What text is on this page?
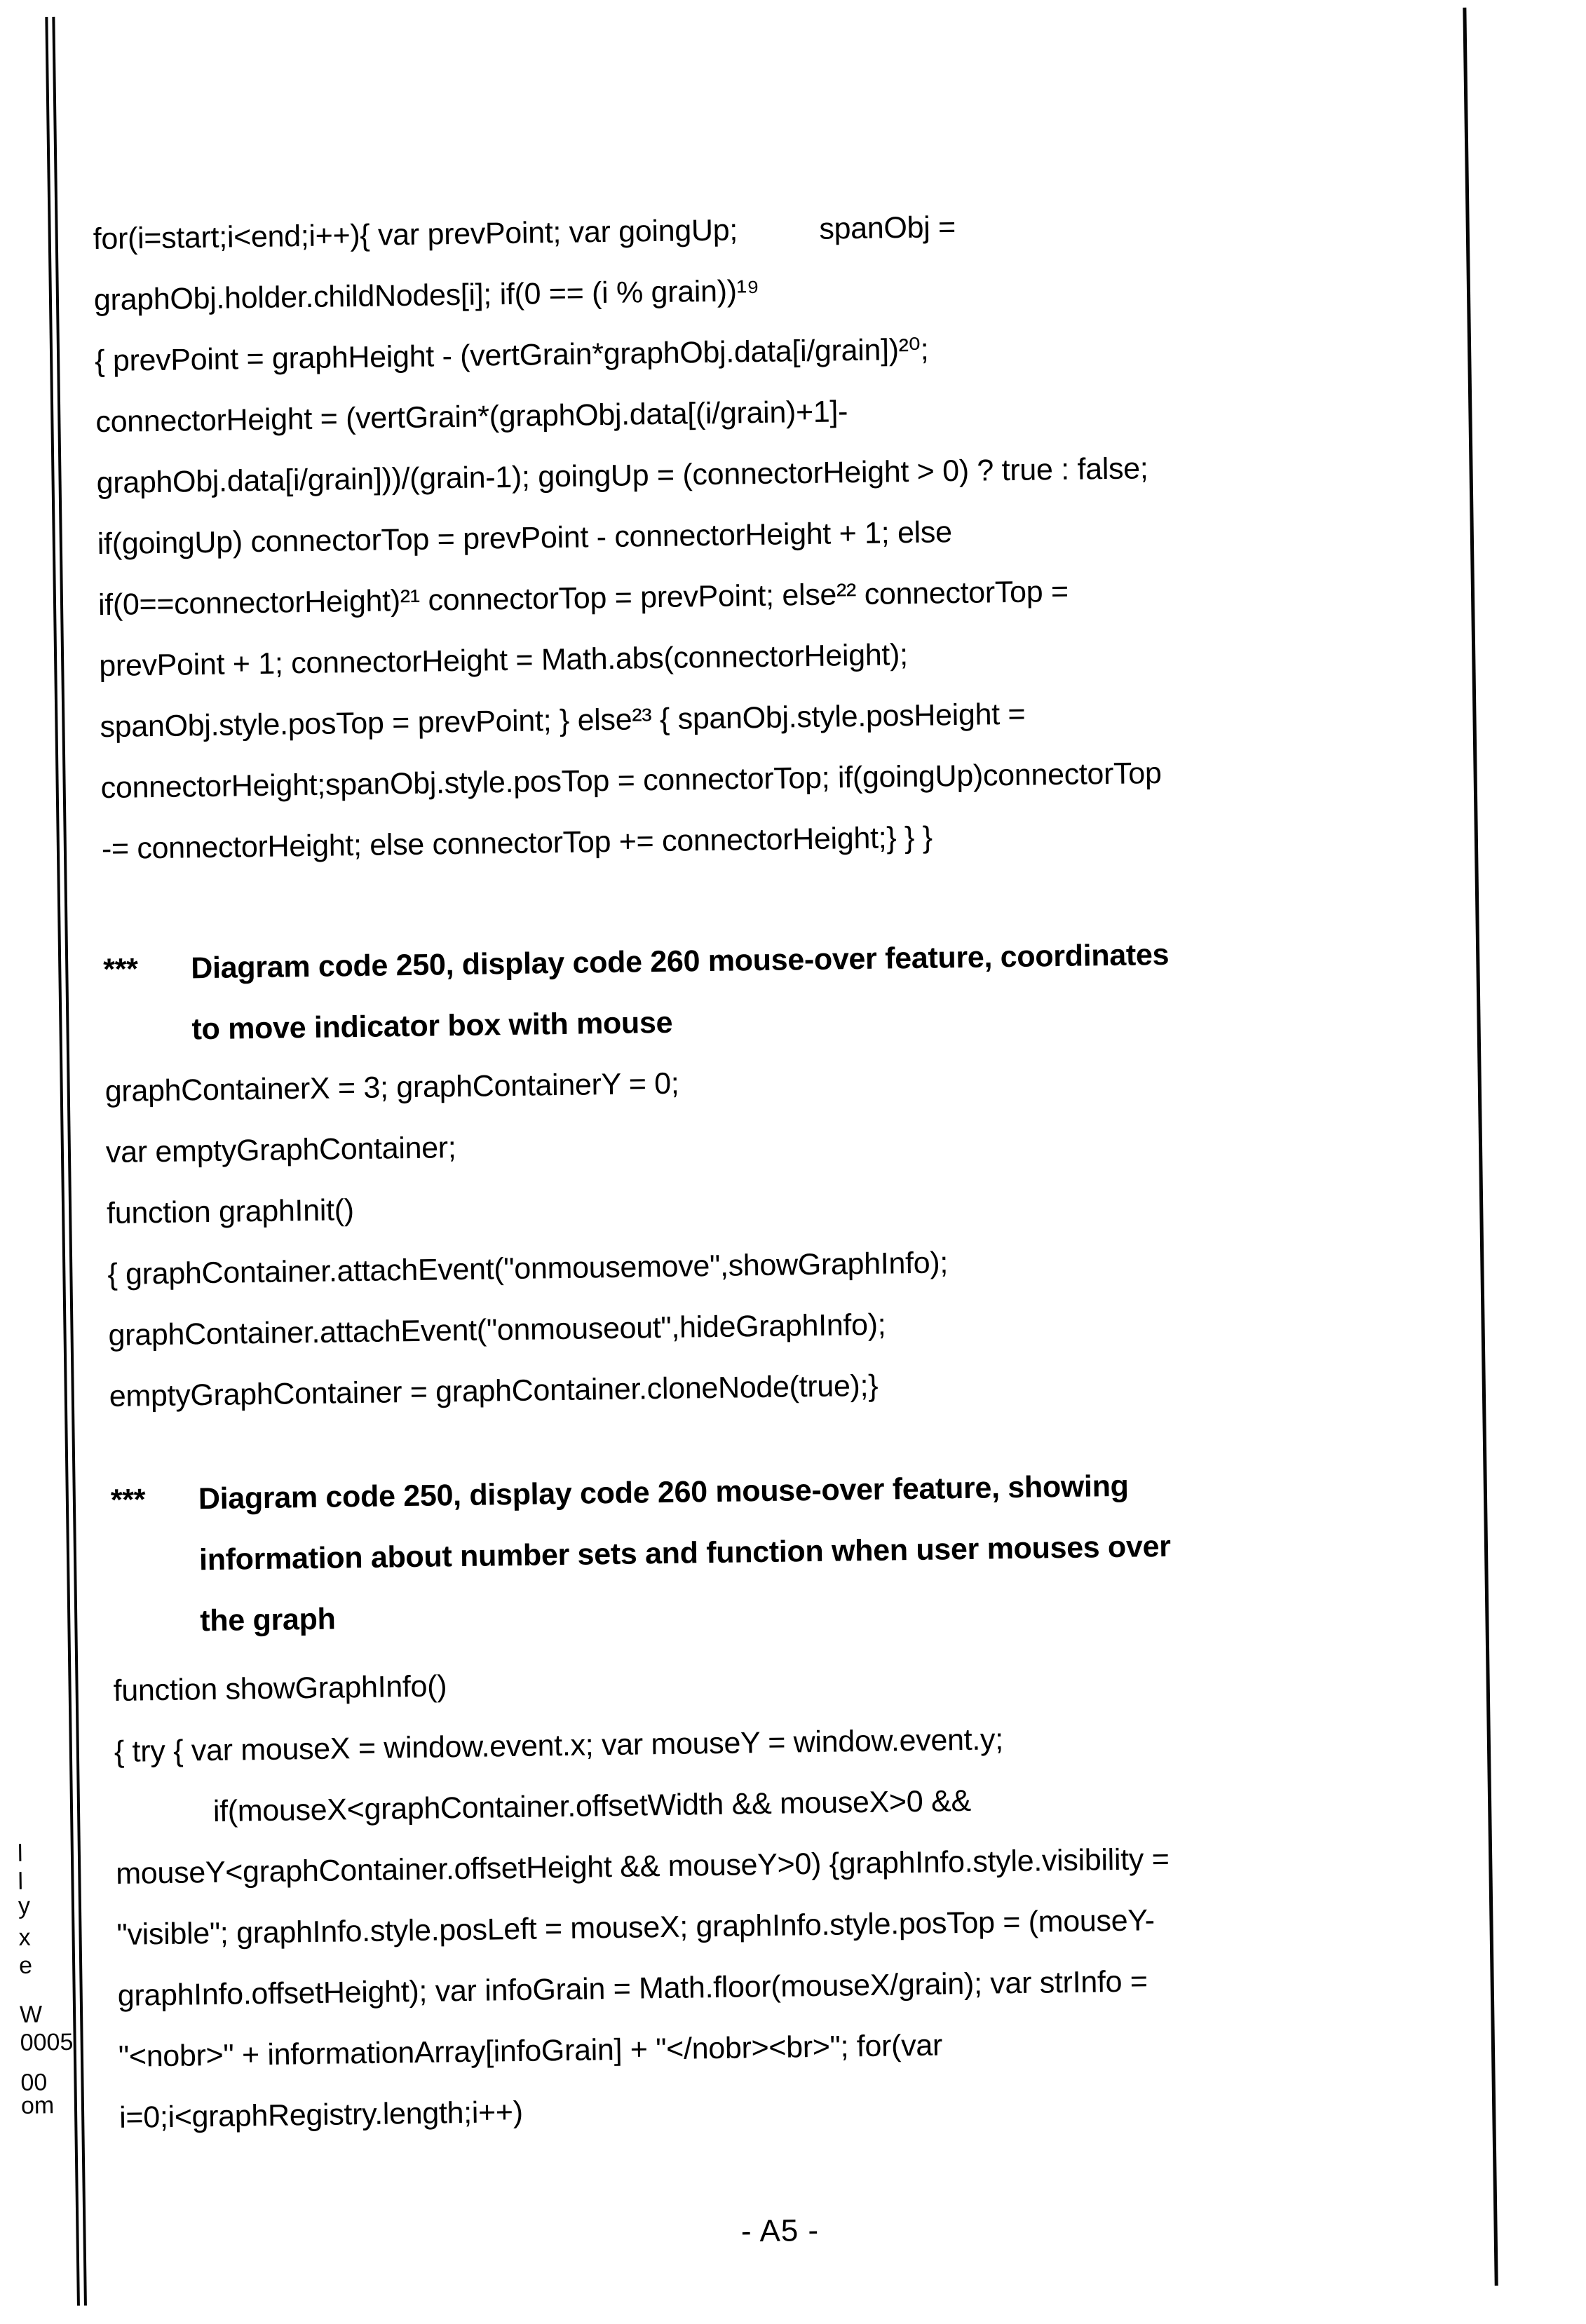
l
l
y
x
e
W
0005
00
om
for(i=start;i<end;i++){ var prevPoint; var goingUp;          spanObj =
graphObj.holder.childNodes[i]; if(0 == (i % grain))¹⁹
{ prevPoint = graphHeight - (vertGrain*graphObj.data[i/grain])²⁰;
connectorHeight = (vertGrain*(graphObj.data[(i/grain)+1]-
graphObj.data[i/grain]))/(grain-1); goingUp = (connectorHeight > 0) ? true : false;
if(goingUp) connectorTop = prevPoint - connectorHeight + 1; else
if(0==connectorHeight)²¹ connectorTop = prevPoint; else²² connectorTop =
prevPoint + 1; connectorHeight = Math.abs(connectorHeight);
spanObj.style.posTop = prevPoint; } else²³ { spanObj.style.posHeight =
connectorHeight;spanObj.style.posTop = connectorTop; if(goingUp)connectorTop
-= connectorHeight; else connectorTop += connectorHeight;} } }
*** Diagram code 250, display code 260 mouse-over feature, coordinates
to move indicator box with mouse
graphContainerX = 3; graphContainerY = 0;
var emptyGraphContainer;
function graphInit()
{ graphContainer.attachEvent("onmousemove",showGraphInfo);
graphContainer.attachEvent("onmouseout",hideGraphInfo);
emptyGraphContainer = graphContainer.cloneNode(true);}
*** Diagram code 250, display code 260 mouse-over feature, showing
information about number sets and function when user mouses over
the graph
function showGraphInfo()
{ try { var mouseX = window.event.x; var mouseY = window.event.y;
if(mouseX<graphContainer.offsetWidth && mouseX>0 &&
mouseY<graphContainer.offsetHeight && mouseY>0) {graphInfo.style.visibility =
"visible"; graphInfo.style.posLeft = mouseX; graphInfo.style.posTop = (mouseY-
graphInfo.offsetHeight); var infoGrain = Math.floor(mouseX/grain); var strInfo =
"<nobr>" + informationArray[infoGrain] + "</nobr><br>"; for(var
i=0;i<graphRegistry.length;i++)
- A5 -
